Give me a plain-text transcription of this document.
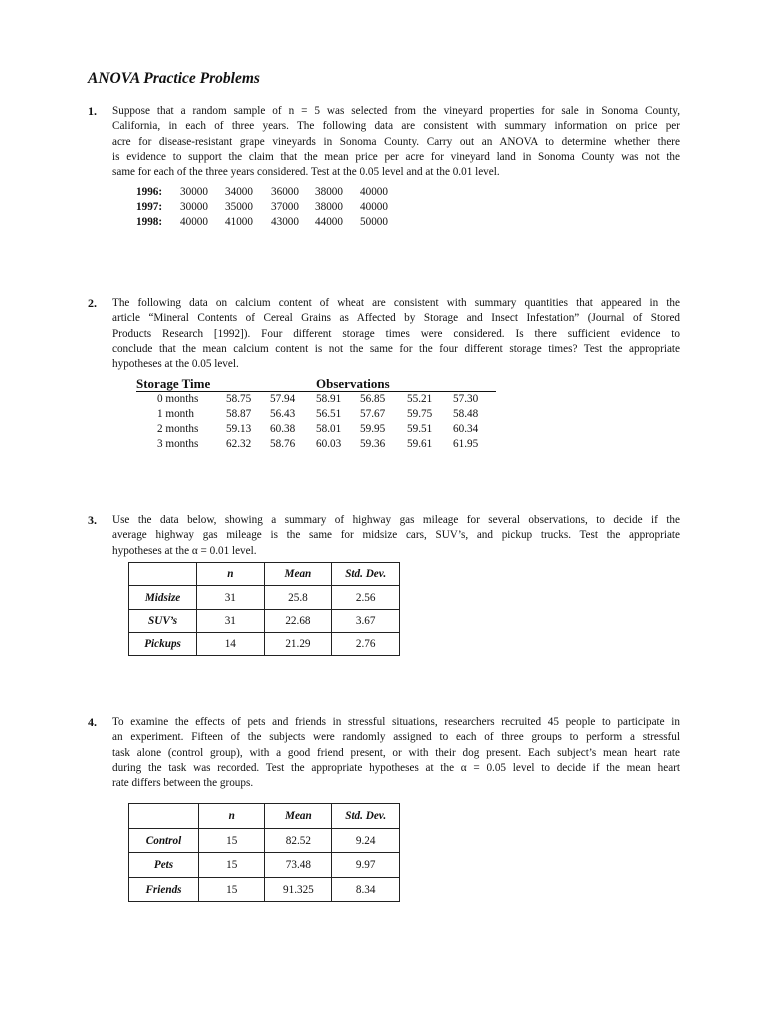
ANOVA Practice Problems
1. Suppose that a random sample of n = 5 was selected from the vineyard properties for sale in Sonoma County,
California, in each of three years. The following data are consistent with summary information on price per
acre for disease-resistant grape vineyards in Sonoma County. Carry out an ANOVA to determine whether there
is evidence to support the claim that the mean price per acre for vineyard land in Sonoma County was not the
same for each of the three years considered. Test at the 0.05 level and at the 0.01 level.
1996: 30000 34000 36000 38000 40000
1997: 30000 35000 37000 38000 40000
1998: 40000 41000 43000 44000 50000
2. The following data on calcium content of wheat are consistent with summary quantities that appeared in the
article “Mineral Contents of Cereal Grains as Affected by Storage and Insect Infestation” (Journal of Stored
Products Research [1992]). Four different storage times were considered. Is there sufficient evidence to
conclude that the mean calcium content is not the same for the four different storage times? Test the appropriate
hypotheses at the 0.05 level.
Storage Time	Observations
0 months 58.75 57.94 58.91 56.85 55.21 57.30
1 month	58.87 56.43 56.51 57.67 59.75 58.48
2 months 59.13 60.38 58.01 59.95 59.51 60.34
3 months 62.32 58.76 60.03 59.36 59.61 61.95
3. Use the data below, showing a summary of highway gas mileage for several observations, to decide if the
average highway gas mileage is the same for midsize cars, SUV’s, and pickup trucks. Test the appropriate
hypotheses at the α = 0.01 level.
	n	Mean	Std. Dev.
Midsize	31	25.8	2.56
SUV’s	31	22.68	3.67
Pickups	14	21.29	2.76
4. To examine the effects of pets and friends in stressful situations, researchers recruited 45 people to participate in
an experiment. Fifteen of the subjects were randomly assigned to each of three groups to perform a stressful
task alone (control group), with a good friend present, or with their dog present. Each subject’s mean heart rate
during the task was recorded. Test the appropriate hypotheses at the α = 0.05 level to decide if the mean heart
rate differs between the groups.
	n	Mean	Std. Dev.
Control	15	82.52	9.24
Pets	15	73.48	9.97
Friends	15	91.325	8.34
